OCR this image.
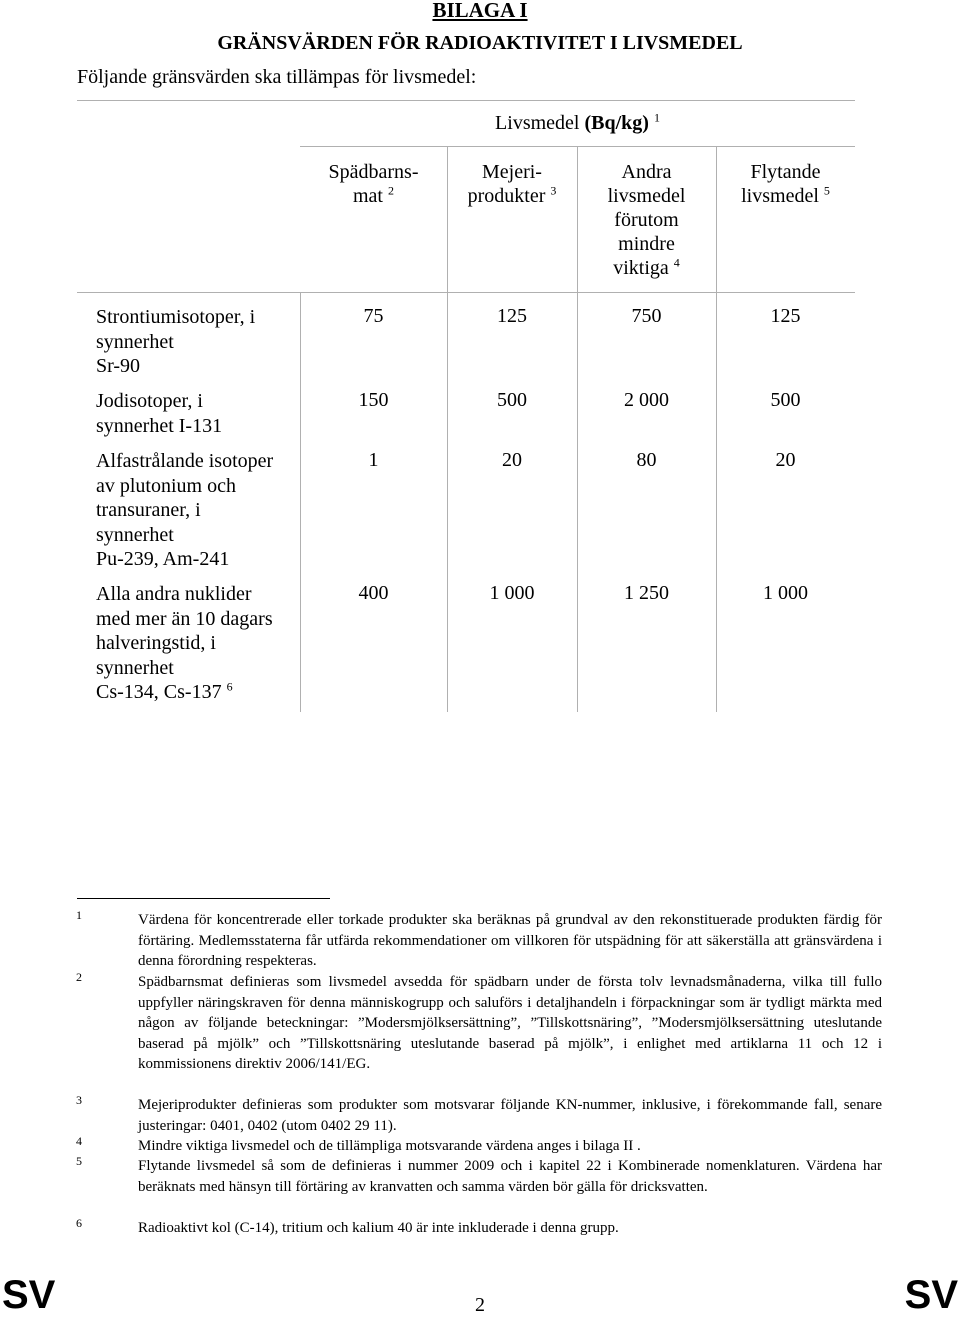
BILAGA I
GRÄNSVÄRDEN FÖR RADIOAKTIVITET I LIVSMEDEL
Följande gränsvärden ska tillämpas för livsmedel:
Livsmedel (Bq/kg) $^1$
Spädbarns-
mat $^2$
Mejeri-
produkter $^3$
Andra
livsmedel
förutom
mindre
viktiga $^4$
Flytande
livsmedel $^5$
Strontiumisotoper, i
synnerhet
Sr-90
75	125	750	125
Jodisotoper, i
synnerhet I-131
150	500	2 000	500
Alfastrålande isotoper
av plutonium och
transuraner, i
synnerhet
Pu-239, Am-241
1	20	80	20
Alla andra nuklider
med mer än 10 dagars
halveringstid, i
synnerhet
Cs-134, Cs-137 $^6$
400	1 000	1 250	1 000
1	Värdena för koncentrerade eller torkade produkter ska beräknas på grundval av den rekonstituerade produkten färdig för förtäring. Medlemsstaterna får utfärda rekommendationer om villkoren för utspädning för att säkerställa att gränsvärdena i denna förordning respekteras.
2	Spädbarnsmat definieras som livsmedel avsedda för spädbarn under de första tolv levnadsmånaderna, vilka till fullo uppfyller näringskraven för denna människogrupp och saluförs i detaljhandeln i förpackningar som är tydligt märkta med någon av följande beteckningar: ”Modersmjölksersättning”, ”Tillskottsnäring”, ”Modersmjölksersättning uteslutande baserad på mjölk” och ”Tillskottsnäring uteslutande baserad på mjölk”, i enlighet med artiklarna 11 och 12 i kommissionens direktiv 2006/141/EG.
3	Mejeriprodukter definieras som produkter som motsvarar följande KN-nummer, inklusive, i förekommande fall, senare justeringar: 0401, 0402 (utom 0402 29 11).
4	Mindre viktiga livsmedel och de tillämpliga motsvarande värdena anges i bilaga II .
5	Flytande livsmedel så som de definieras i nummer 2009 och i kapitel 22 i Kombinerade nomenklaturen. Värdena har beräknats med hänsyn till förtäring av kranvatten och samma värden bör gälla för dricksvatten.
6	Radioaktivt kol (C-14), tritium och kalium 40 är inte inkluderade i denna grupp.
SV	2	SV
